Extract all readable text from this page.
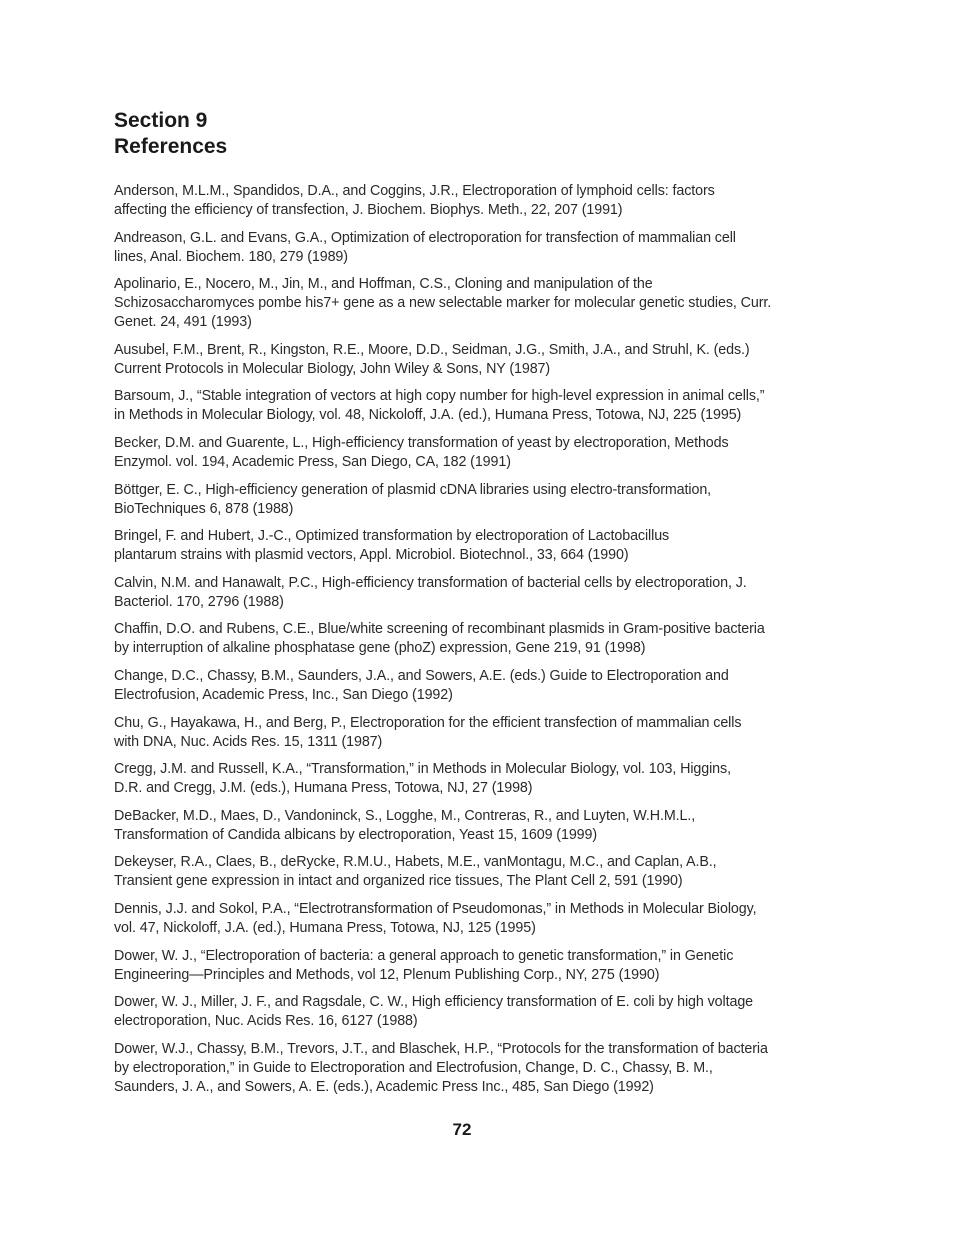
Section 9
References
Anderson, M.L.M., Spandidos, D.A., and Coggins, J.R., Electroporation of lymphoid cells: factors
affecting the efficiency of transfection, J. Biochem. Biophys. Meth., 22, 207 (1991)
Andreason, G.L. and Evans, G.A., Optimization of electroporation for transfection of mammalian cell
lines, Anal. Biochem. 180, 279 (1989)
Apolinario, E., Nocero, M., Jin, M., and Hoffman, C.S., Cloning and manipulation of the
Schizosaccharomyces pombe his7+ gene as a new selectable marker for molecular genetic studies, Curr.
Genet. 24, 491 (1993)
Ausubel, F.M., Brent, R., Kingston, R.E., Moore, D.D., Seidman, J.G., Smith, J.A., and Struhl, K. (eds.)
Current Protocols in Molecular Biology, John Wiley & Sons, NY (1987)
Barsoum, J., “Stable integration of vectors at high copy number for high-level expression in animal cells,”
in Methods in Molecular Biology, vol. 48, Nickoloff, J.A. (ed.), Humana Press, Totowa, NJ, 225 (1995)
Becker, D.M. and Guarente, L., High-efficiency transformation of yeast by electroporation, Methods
Enzymol. vol. 194, Academic Press, San Diego, CA, 182 (1991)
Böttger, E. C., High-efficiency generation of plasmid cDNA libraries using electro-transformation,
BioTechniques 6, 878 (1988)
Bringel, F. and Hubert, J.-C., Optimized transformation by electroporation of Lactobacillus
plantarum strains with plasmid vectors, Appl. Microbiol. Biotechnol., 33, 664 (1990)
Calvin, N.M. and Hanawalt, P.C., High-efficiency transformation of bacterial cells by electroporation, J.
Bacteriol. 170, 2796 (1988)
Chaffin, D.O. and Rubens, C.E., Blue/white screening of recombinant plasmids in Gram-positive bacteria
by interruption of alkaline phosphatase gene (phoZ) expression, Gene 219, 91 (1998)
Change, D.C., Chassy, B.M., Saunders, J.A., and Sowers, A.E. (eds.) Guide to Electroporation and
Electrofusion, Academic Press, Inc., San Diego (1992)
Chu, G., Hayakawa, H., and Berg, P., Electroporation for the efficient transfection of mammalian cells
with DNA, Nuc. Acids Res. 15, 1311 (1987)
Cregg, J.M. and Russell, K.A., “Transformation,” in Methods in Molecular Biology, vol. 103, Higgins,
D.R. and Cregg, J.M. (eds.), Humana Press, Totowa, NJ, 27 (1998)
DeBacker, M.D., Maes, D., Vandoninck, S., Logghe, M., Contreras, R., and Luyten, W.H.M.L.,
Transformation of Candida albicans by electroporation, Yeast 15, 1609 (1999)
Dekeyser, R.A., Claes, B., deRycke, R.M.U., Habets, M.E., vanMontagu, M.C., and Caplan, A.B.,
Transient gene expression in intact and organized rice tissues, The Plant Cell 2, 591 (1990)
Dennis, J.J. and Sokol, P.A., “Electrotransformation of Pseudomonas,” in Methods in Molecular Biology,
vol. 47, Nickoloff, J.A. (ed.), Humana Press, Totowa, NJ, 125 (1995)
Dower, W. J., “Electroporation of bacteria: a general approach to genetic transformation,” in Genetic
Engineering—Principles and Methods, vol 12, Plenum Publishing Corp., NY, 275 (1990)
Dower, W. J., Miller, J. F., and Ragsdale, C. W., High efficiency transformation of E. coli by high voltage
electroporation, Nuc. Acids Res. 16, 6127 (1988)
Dower, W.J., Chassy, B.M., Trevors, J.T., and Blaschek, H.P., “Protocols for the transformation of bacteria
by electroporation,” in Guide to Electroporation and Electrofusion, Change, D. C., Chassy, B. M.,
Saunders, J. A., and Sowers, A. E. (eds.), Academic Press Inc., 485, San Diego (1992)
72
